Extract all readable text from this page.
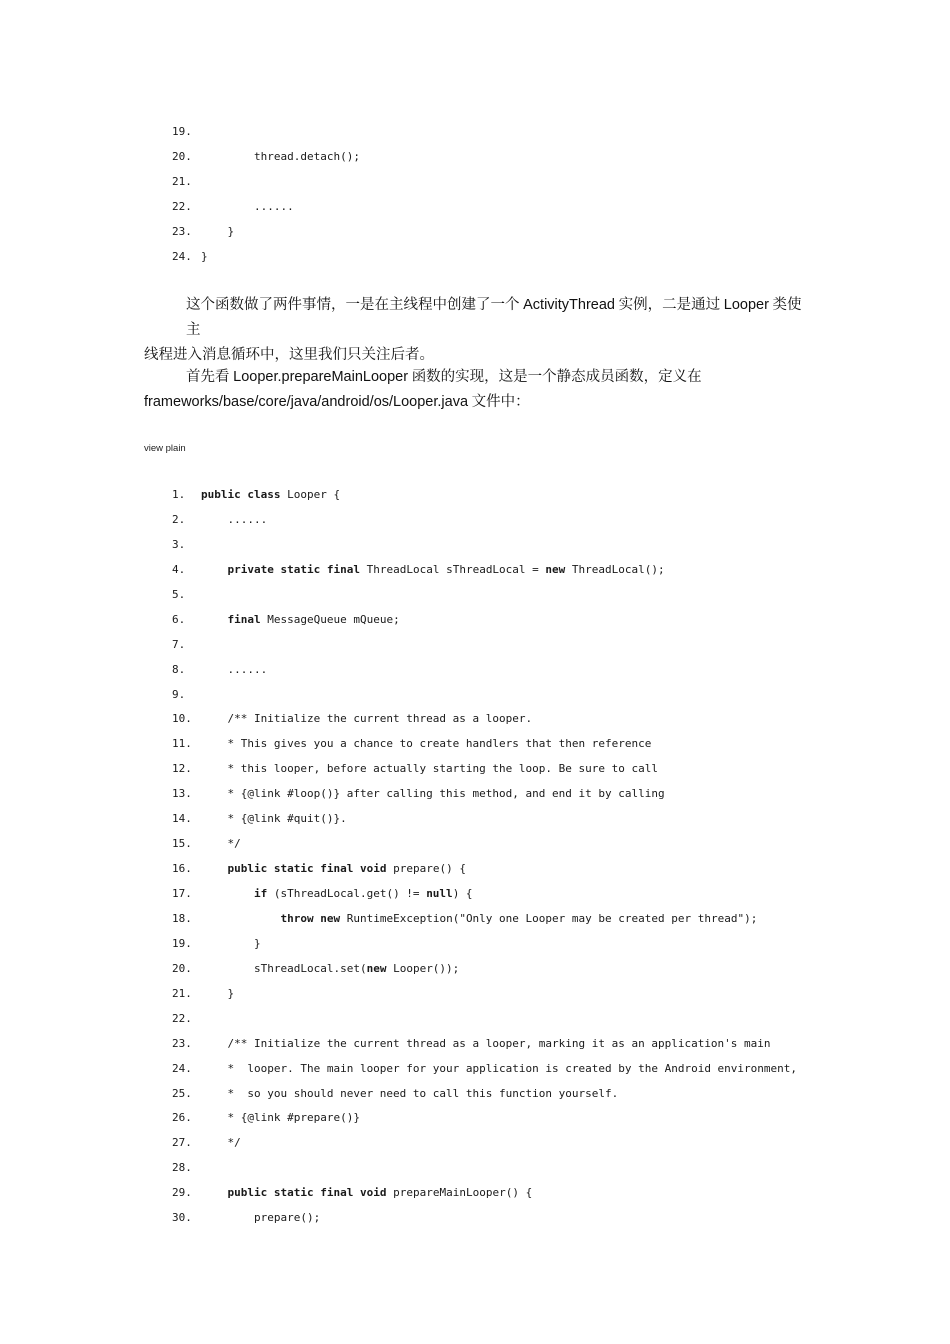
19.
20. thread.detach();
21.
22. ......
23. }
24. }
这个函数做了两件事情，一是在主线程中创建了一个 ActivityThread 实例，二是通过 Looper 类使主
线程进入消息循环中，这里我们只关注后者。
首先看 Looper.prepareMainLooper 函数的实现，这是一个静态成员函数，定义在
frameworks/base/core/java/android/os/Looper.java 文件中：
view plain
1.	public class Looper {
2.	......
3.
4.	private static final ThreadLocal sThreadLocal = new ThreadLocal();
5.
6.	final MessageQueue mQueue;
7.
8.	......
9.
10. /** Initialize the current thread as a looper.
11. * This gives you a chance to create handlers that then reference
12. * this looper, before actually starting the loop. Be sure to call
13. * {@link #loop()} after calling this method, and end it by calling
14. * {@link #quit()}.
15. */
16.	public static final void prepare() {
17.	if (sThreadLocal.get() != null) {
18.	throw new RuntimeException("Only one Looper may be created per thread");
19. }
20. sThreadLocal.set(new Looper());
21. }
22.
23. /** Initialize the current thread as a looper, marking it as an application's main
24. *  looper. The main looper for your application is created by the Android environment,
25. *  so you should never need to call this function yourself.
26. * {@link #prepare()}
27. */
28.
29.	public static final void prepareMainLooper() {
30. prepare();
